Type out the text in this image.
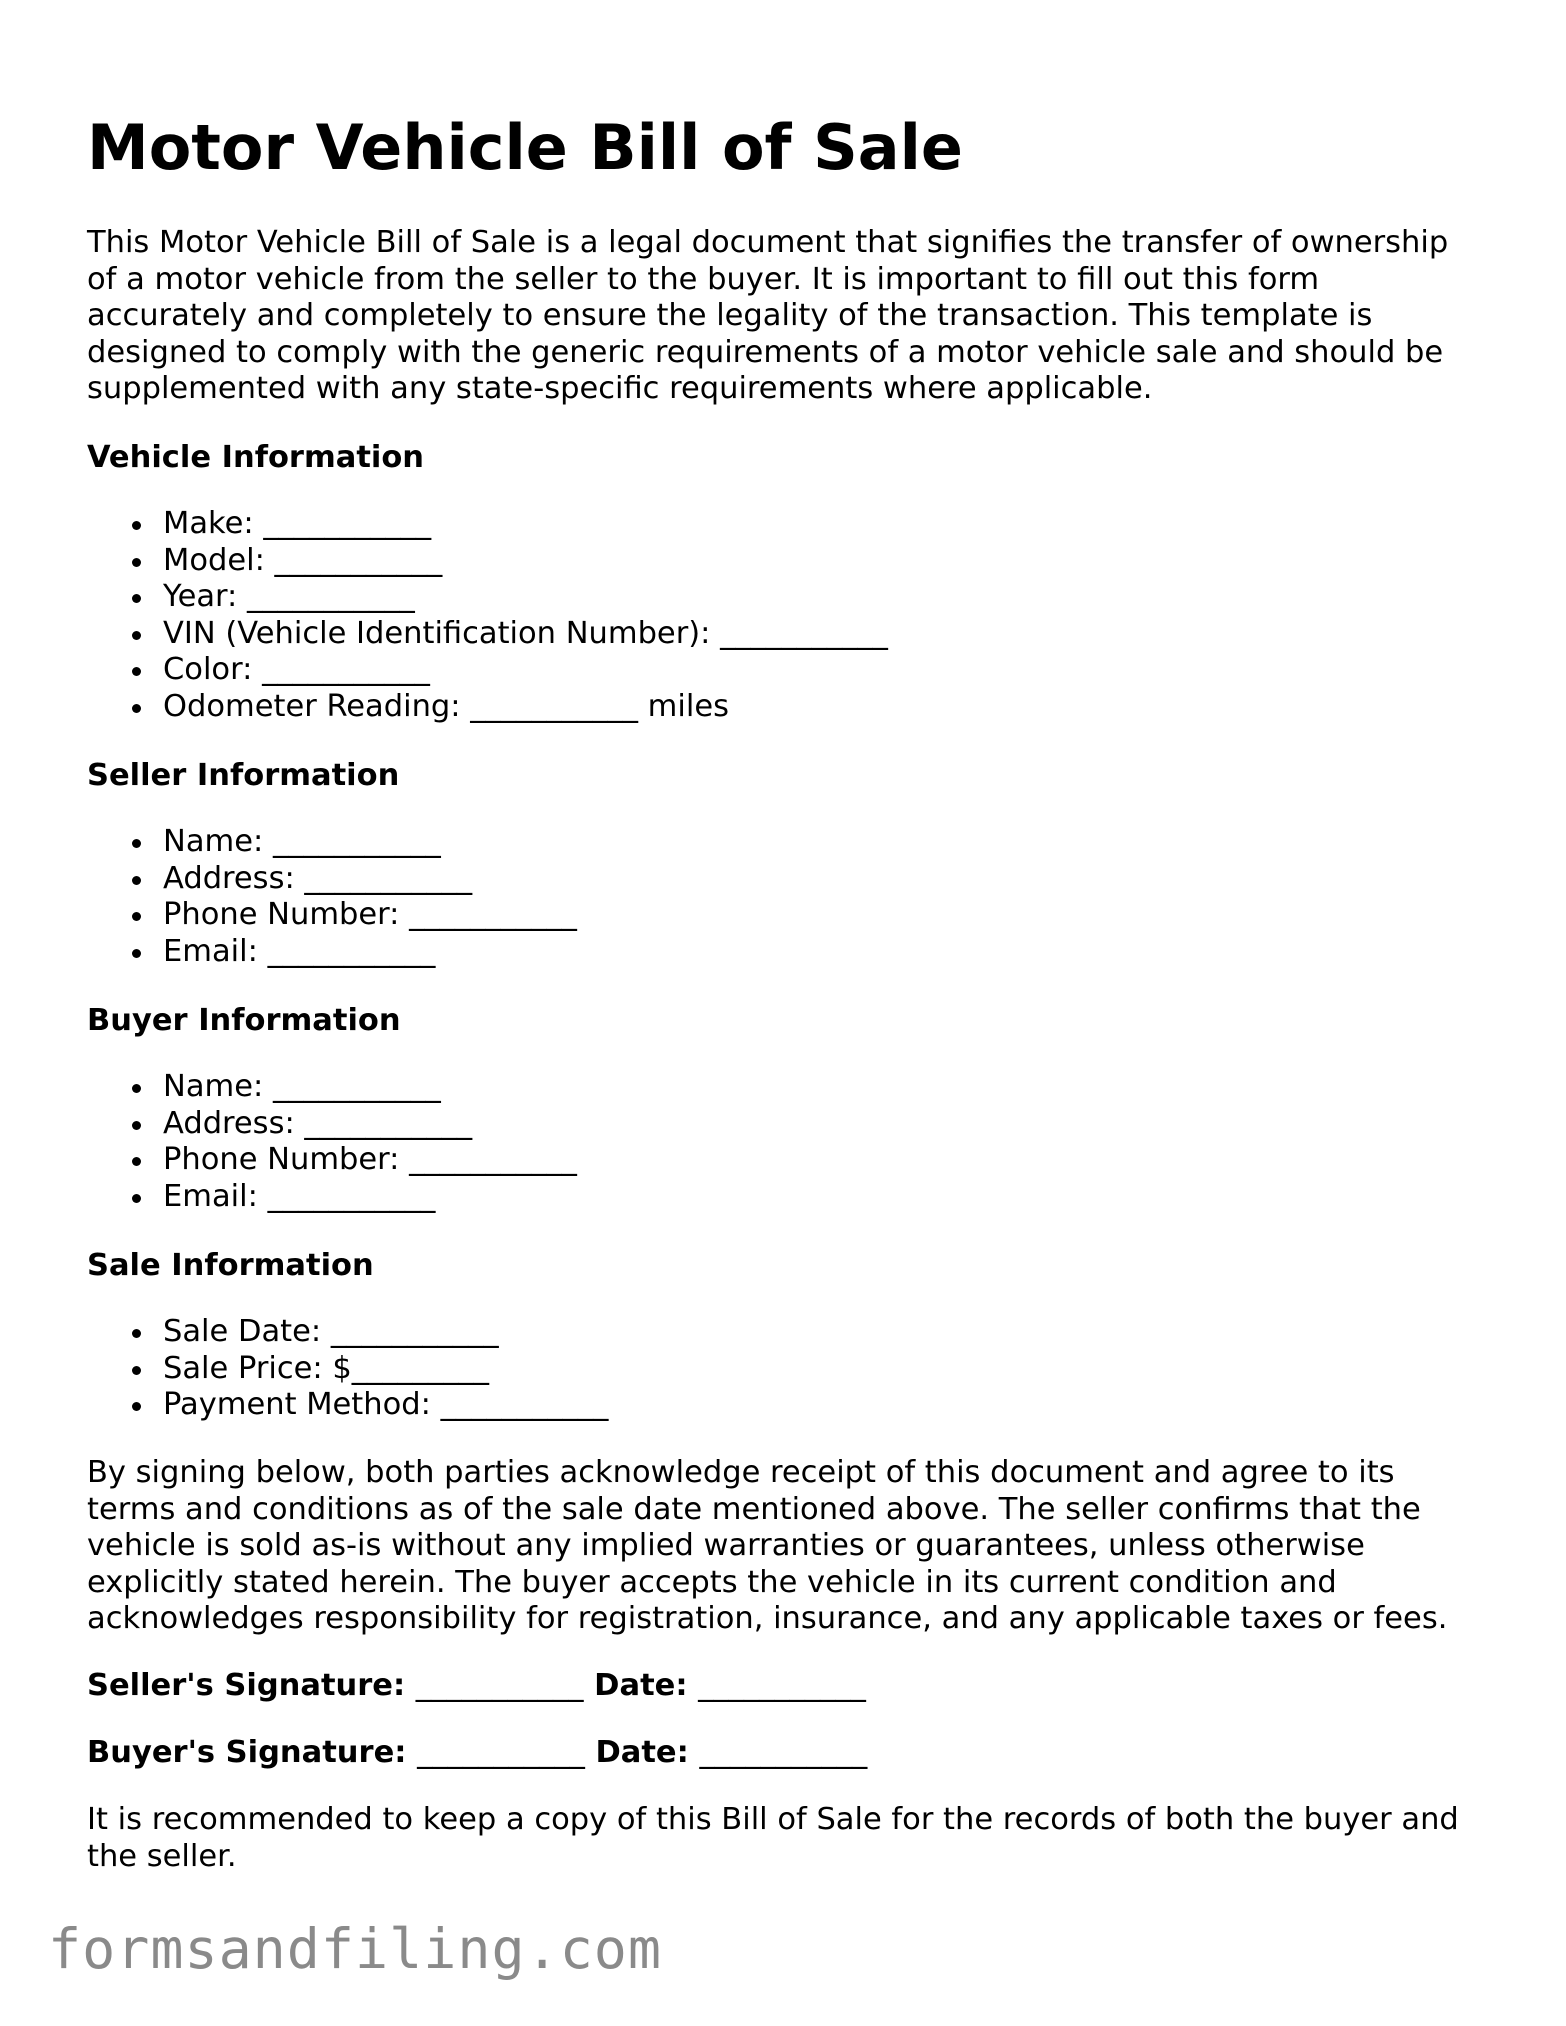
Motor Vehicle Bill of Sale

This Motor Vehicle Bill of Sale is a legal document that signifies the transfer of ownership
of a motor vehicle from the seller to the buyer. It is important to fill out this form
accurately and completely to ensure the legality of the transaction. This template is
designed to comply with the generic requirements of a motor vehicle sale and should be
supplemented with any state-specific requirements where applicable.

Vehicle Information
Make: ___________
Model: ___________
Year: ___________
VIN (Vehicle Identification Number): ___________
Color: ___________
Odometer Reading: ___________ miles
Seller Information
Name: ___________
Address: ___________
Phone Number: ___________
Email: ___________
Buyer Information
Name: ___________
Address: ___________
Phone Number: ___________
Email: ___________
Sale Information
Sale Date: ___________
Sale Price: $_________
Payment Method: ___________

By signing below, both parties acknowledge receipt of this document and agree to its
terms and conditions as of the sale date mentioned above. The seller confirms that the
vehicle is sold as-is without any implied warranties or guarantees, unless otherwise
explicitly stated herein. The buyer accepts the vehicle in its current condition and
acknowledges responsibility for registration, insurance, and any applicable taxes or fees.

Seller's Signature: ___________ Date: ___________

Buyer's Signature: ___________ Date: ___________

It is recommended to keep a copy of this Bill of Sale for the records of both the buyer and
the seller.

formsandfiling.com
